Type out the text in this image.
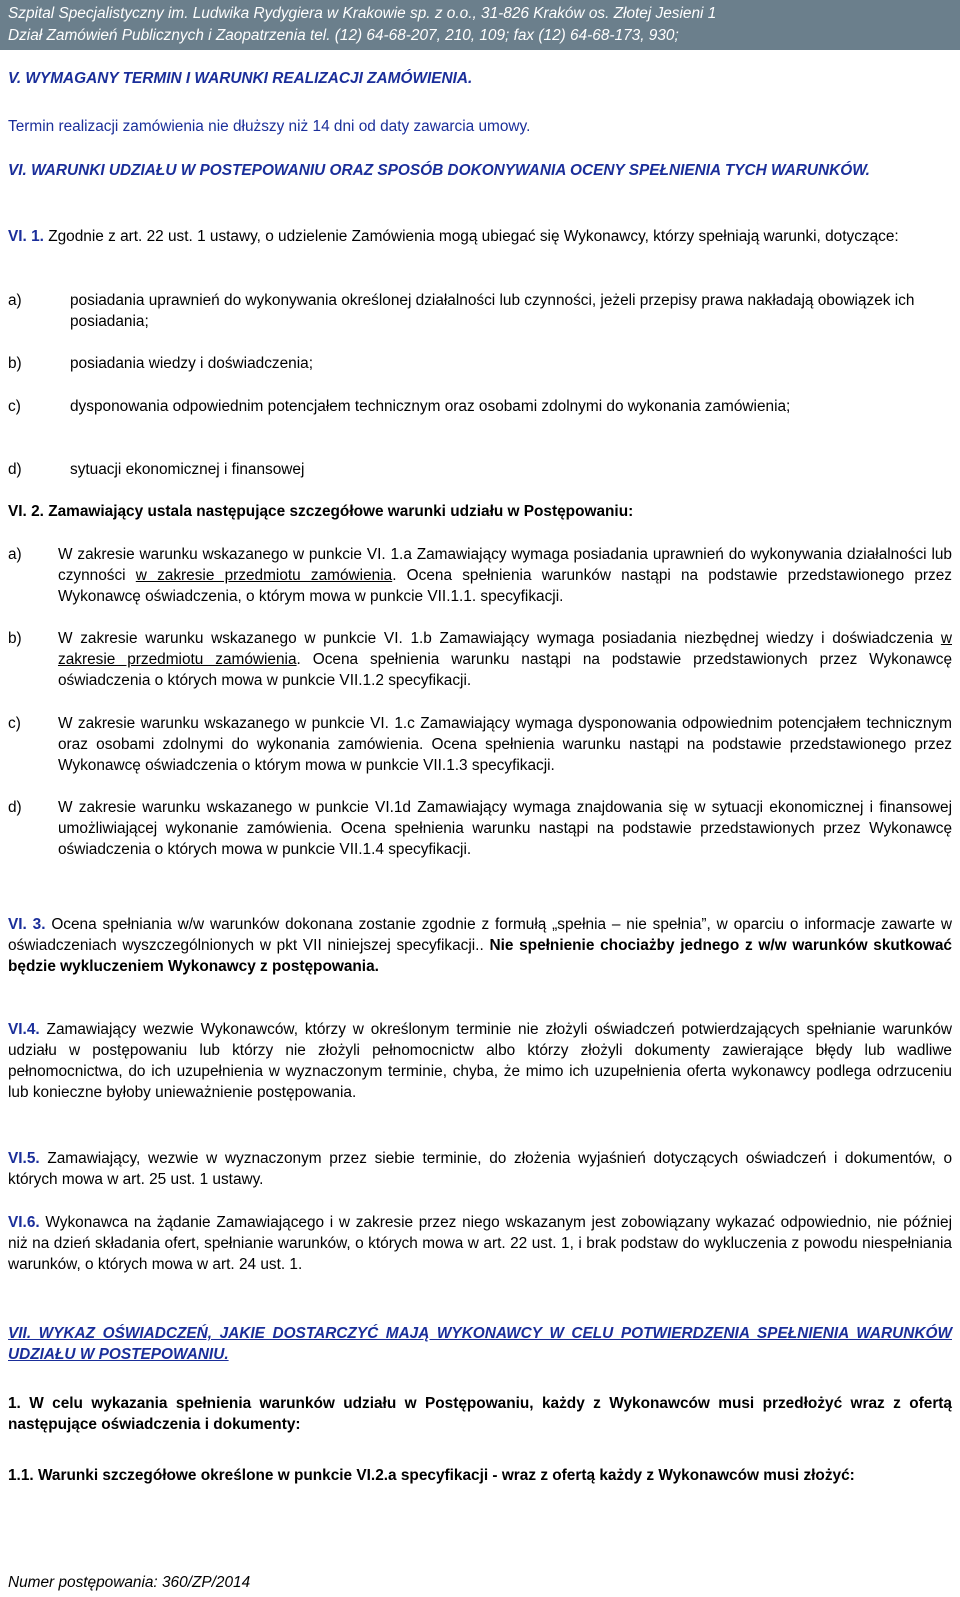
Szpital Specjalistyczny im. Ludwika Rydygiera w Krakowie sp. z o.o., 31-826 Kraków os. Złotej Jesieni 1
Dział Zamówień Publicznych i Zaopatrzenia tel. (12) 64-68-207, 210, 109; fax (12) 64-68-173, 930;
V. WYMAGANY TERMIN I WARUNKI REALIZACJI ZAMÓWIENIA.
Termin realizacji zamówienia nie dłuższy niż 14 dni od daty zawarcia umowy.
VI. WARUNKI UDZIAŁU W POSTEPOWANIU ORAZ SPOSÓB DOKONYWANIA OCENY SPEŁNIENIA TYCH WARUNKÓW.
VI. 1. Zgodnie z art. 22 ust. 1 ustawy, o udzielenie Zamówienia mogą ubiegać się Wykonawcy, którzy spełniają warunki, dotyczące:
a)	posiadania uprawnień do wykonywania określonej działalności lub czynności, jeżeli przepisy prawa nakładają obowiązek ich posiadania;
b)	posiadania wiedzy i doświadczenia;
c)	dysponowania odpowiednim potencjałem technicznym oraz osobami zdolnymi do wykonania zamówienia;
d)	sytuacji ekonomicznej i finansowej
VI. 2. Zamawiający ustala następujące szczegółowe warunki udziału w Postępowaniu:
a)	W zakresie warunku wskazanego w punkcie VI. 1.a Zamawiający wymaga posiadania uprawnień do wykonywania działalności lub czynności w zakresie przedmiotu zamówienia. Ocena spełnienia warunków nastąpi na podstawie przedstawionego przez Wykonawcę oświadczenia, o którym mowa w punkcie VII.1.1. specyfikacji.
b)	W zakresie warunku wskazanego w punkcie VI. 1.b Zamawiający wymaga posiadania niezbędnej wiedzy i doświadczenia w zakresie przedmiotu zamówienia. Ocena spełnienia warunku nastąpi na podstawie przedstawionych przez Wykonawcę oświadczenia o których mowa w punkcie VII.1.2 specyfikacji.
c)	W zakresie warunku wskazanego w punkcie VI. 1.c Zamawiający wymaga dysponowania odpowiednim potencjałem technicznym oraz osobami zdolnymi do wykonania zamówienia. Ocena spełnienia warunku nastąpi na podstawie przedstawionego przez Wykonawcę oświadczenia o którym mowa w punkcie VII.1.3 specyfikacji.
d)	W zakresie warunku wskazanego w punkcie VI.1d Zamawiający wymaga znajdowania się w sytuacji ekonomicznej i finansowej umożliwiającej wykonanie zamówienia. Ocena spełnienia warunku nastąpi na podstawie przedstawionych przez Wykonawcę oświadczenia o których mowa w punkcie VII.1.4 specyfikacji.
VI. 3. Ocena spełniania w/w warunków dokonana zostanie zgodnie z formułą „spełnia – nie spełnia”, w oparciu o informacje zawarte w oświadczeniach wyszczególnionych w pkt VII niniejszej specyfikacji.. Nie spełnienie chociażby jednego z w/w warunków skutkować będzie wykluczeniem Wykonawcy z postępowania.
VI.4. Zamawiający wezwie Wykonawców, którzy w określonym terminie nie złożyli oświadczeń potwierdzających spełnianie warunków udziału w postępowaniu lub którzy nie złożyli pełnomocnictw albo którzy złożyli dokumenty zawierające błędy lub wadliwe pełnomocnictwa, do ich uzupełnienia w wyznaczonym terminie, chyba, że mimo ich uzupełnienia oferta wykonawcy podlega odrzuceniu lub konieczne byłoby unieważnienie postępowania.
VI.5. Zamawiający, wezwie w wyznaczonym przez siebie terminie, do złożenia wyjaśnień dotyczących oświadczeń i dokumentów, o których mowa w art. 25 ust. 1 ustawy.
VI.6. Wykonawca na żądanie Zamawiającego i w zakresie przez niego wskazanym jest zobowiązany wykazać odpowiednio, nie później niż na dzień składania ofert, spełnianie warunków, o których mowa w art. 22 ust. 1, i brak podstaw do wykluczenia z powodu niespełniania warunków, o których mowa w art. 24 ust. 1.
VII. WYKAZ OŚWIADCZEŃ, JAKIE DOSTARCZYĆ MAJĄ WYKONAWCY W CELU POTWIERDZENIA SPEŁNIENIA WARUNKÓW UDZIAŁU W POSTEPOWANIU.
1. W celu wykazania spełnienia warunków udziału w Postępowaniu, każdy z Wykonawców musi przedłożyć wraz z ofertą następujące oświadczenia i dokumenty:
1.1. Warunki szczegółowe określone w punkcie VI.2.a specyfikacji - wraz z ofertą każdy z Wykonawców musi złożyć:
Numer postępowania: 360/ZP/2014
